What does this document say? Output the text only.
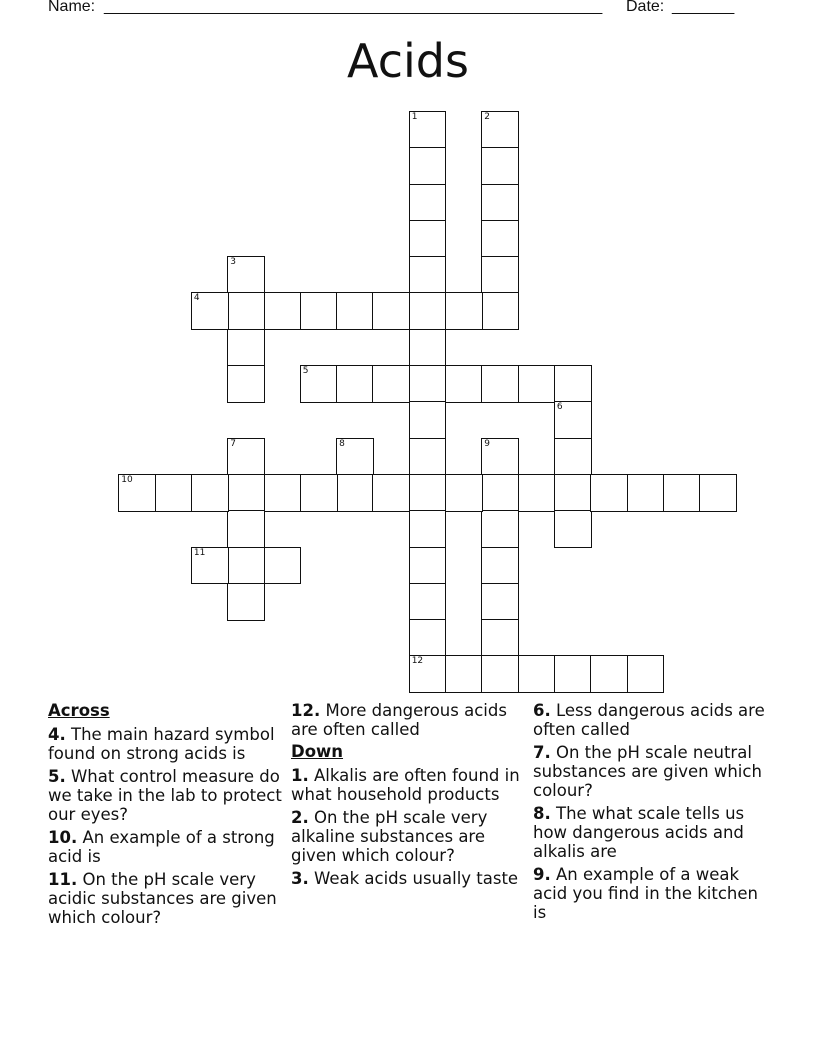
Name: ________________________________________________________ Date: _______
Acids
1
12
2
3
4
5
6
7	8	9
10
11
Across
4. The main hazard symbol found on strong acids is
5. What control measure do we take in the lab to protect our eyes?
10. An example of a strong acid is
11. On the pH scale very acidic substances are given which colour?
12. More dangerous acids are often called
Down
1. Alkalis are often found in what household products
2. On the pH scale very alkaline substances are given which colour?
3. Weak acids usually taste
6. Less dangerous acids are often called
7. On the pH scale neutral substances are given which colour?
8. The what scale tells us how dangerous acids and alkalis are
9. An example of a weak acid you find in the kitchen is
